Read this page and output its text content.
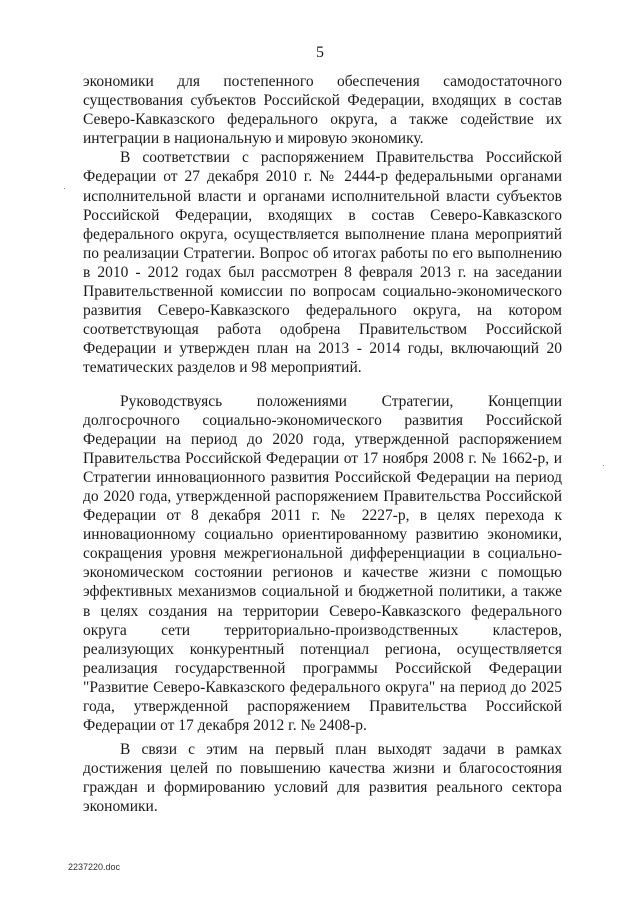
5

экономики для постепенного обеспечения самодостаточного существования субъектов Российской Федерации, входящих в состав Северо-Кавказского федерального округа, а также содействие их интеграции в национальную и мировую экономику.

В соответствии с распоряжением Правительства Российской Федерации от 27 декабря 2010 г. № 2444-р федеральными органами исполнительной власти и органами исполнительной власти субъектов Российской Федерации, входящих в состав Северо-Кавказского федерального округа, осуществляется выполнение плана мероприятий по реализации Стратегии. Вопрос об итогах работы по его выполнению в 2010 - 2012 годах был рассмотрен 8 февраля 2013 г. на заседании Правительственной комиссии по вопросам социально-экономического развития Северо-Кавказского федерального округа, на котором соответствующая работа одобрена Правительством Российской Федерации и утвержден план на 2013 - 2014 годы, включающий 20 тематических разделов и 98 мероприятий.

Руководствуясь положениями Стратегии, Концепции долгосрочного социально-экономического развития Российской Федерации на период до 2020 года, утвержденной распоряжением Правительства Российской Федерации от 17 ноября 2008 г. № 1662-р, и Стратегии инновационного развития Российской Федерации на период до 2020 года, утвержденной распоряжением Правительства Российской Федерации от 8 декабря 2011 г. № 2227-р, в целях перехода к инновационному социально ориентированному развитию экономики, сокращения уровня межрегиональной дифференциации в социально-экономическом состоянии регионов и качестве жизни с помощью эффективных механизмов социальной и бюджетной политики, а также в целях создания на территории Северо-Кавказского федерального округа сети территориально-производственных кластеров, реализующих конкурентный потенциал региона, осуществляется реализация государственной программы Российской Федерации "Развитие Северо-Кавказского федерального округа" на период до 2025 года, утвержденной распоряжением Правительства Российской Федерации от 17 декабря 2012 г. № 2408-р.

В связи с этим на первый план выходят задачи в рамках достижения целей по повышению качества жизни и благосостояния граждан и формированию условий для развития реального сектора экономики.

2237220.doc
